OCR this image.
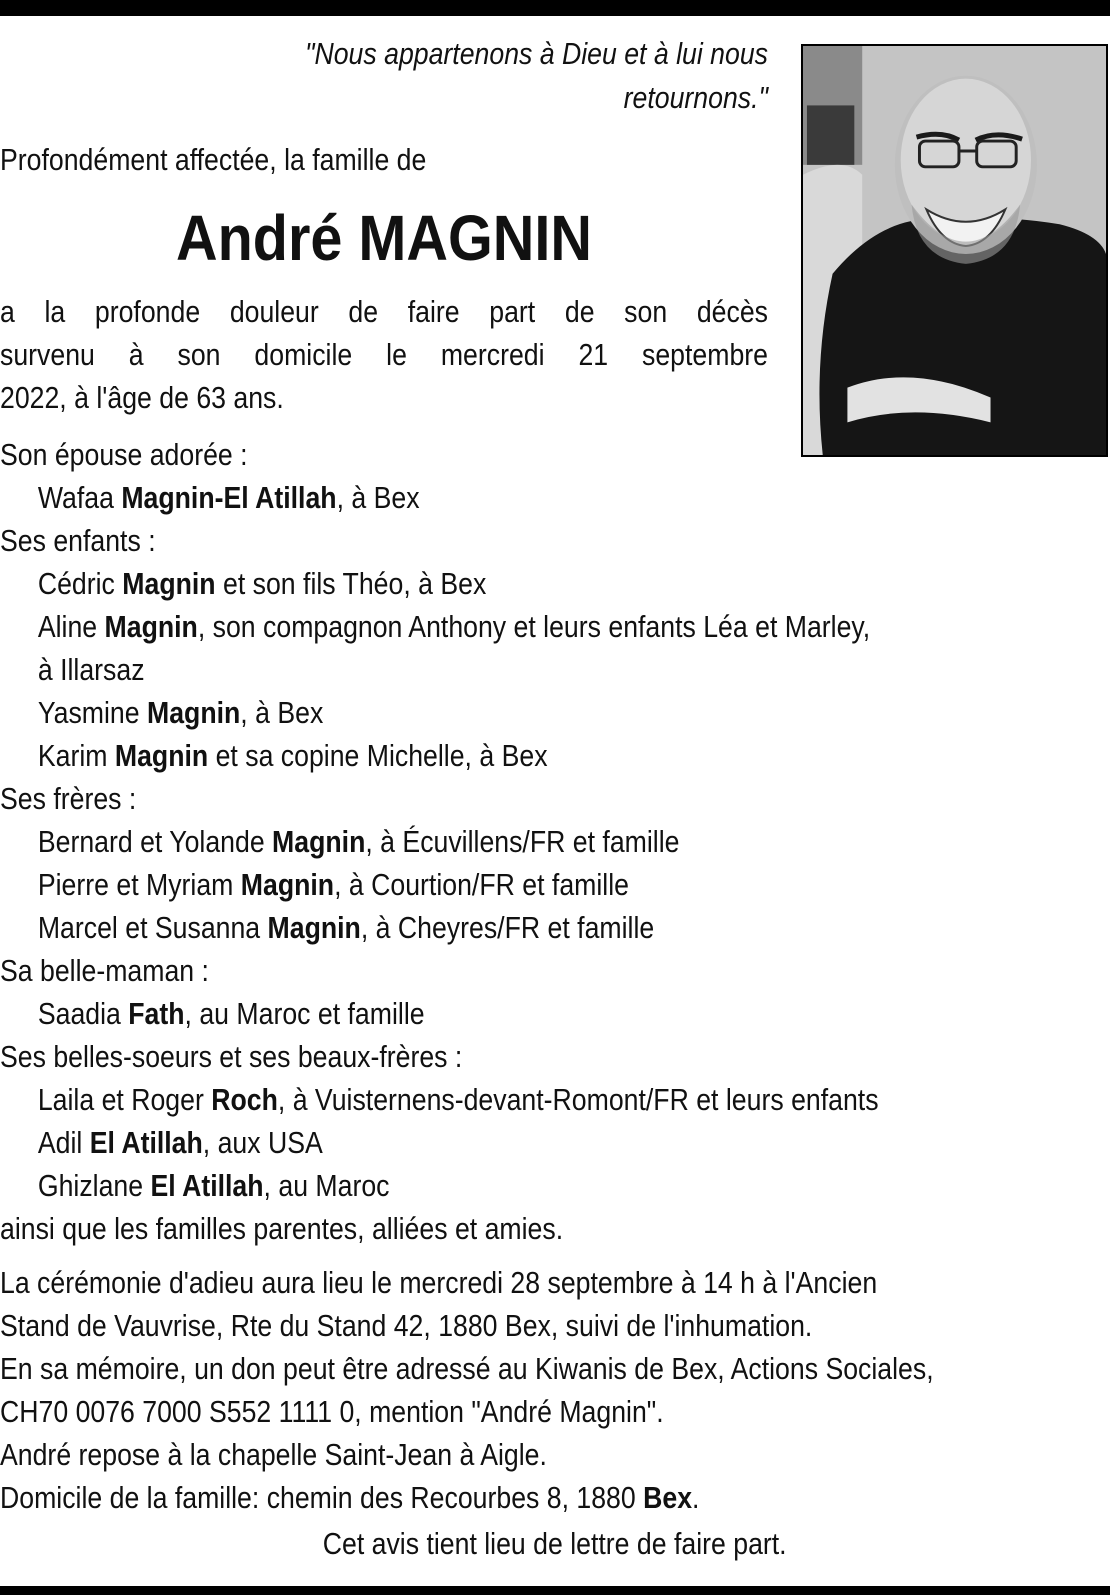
"Nous appartenons à Dieu et à lui nous
retournons."
Profondément affectée, la famille de
André MAGNIN
a la profonde douleur de faire part de son décès
survenu à son domicile le mercredi 21 septembre
2022, à l'âge de 63 ans.
Son épouse adorée :
Wafaa Magnin-El Atillah, à Bex
Ses enfants :
Cédric Magnin et son fils Théo, à Bex
Aline Magnin, son compagnon Anthony et leurs enfants Léa et Marley,
à Illarsaz
Yasmine Magnin, à Bex
Karim Magnin et sa copine Michelle, à Bex
Ses frères :
Bernard et Yolande Magnin, à Écuvillens/FR et famille
Pierre et Myriam Magnin, à Courtion/FR et famille
Marcel et Susanna Magnin, à Cheyres/FR et famille
Sa belle-maman :
Saadia Fath, au Maroc et famille
Ses belles-soeurs et ses beaux-frères :
Laila et Roger Roch, à Vuisternens-devant-Romont/FR et leurs enfants
Adil El Atillah, aux USA
Ghizlane El Atillah, au Maroc
ainsi que les familles parentes, alliées et amies.
La cérémonie d'adieu aura lieu le mercredi 28 septembre à 14 h à l'Ancien
Stand de Vauvrise, Rte du Stand 42, 1880 Bex, suivi de l'inhumation.
En sa mémoire, un don peut être adressé au Kiwanis de Bex, Actions Sociales,
CH70 0076 7000 S552 1111 0, mention "André Magnin".
André repose à la chapelle Saint-Jean à Aigle.
Domicile de la famille: chemin des Recourbes 8, 1880 Bex.
Cet avis tient lieu de lettre de faire part.
